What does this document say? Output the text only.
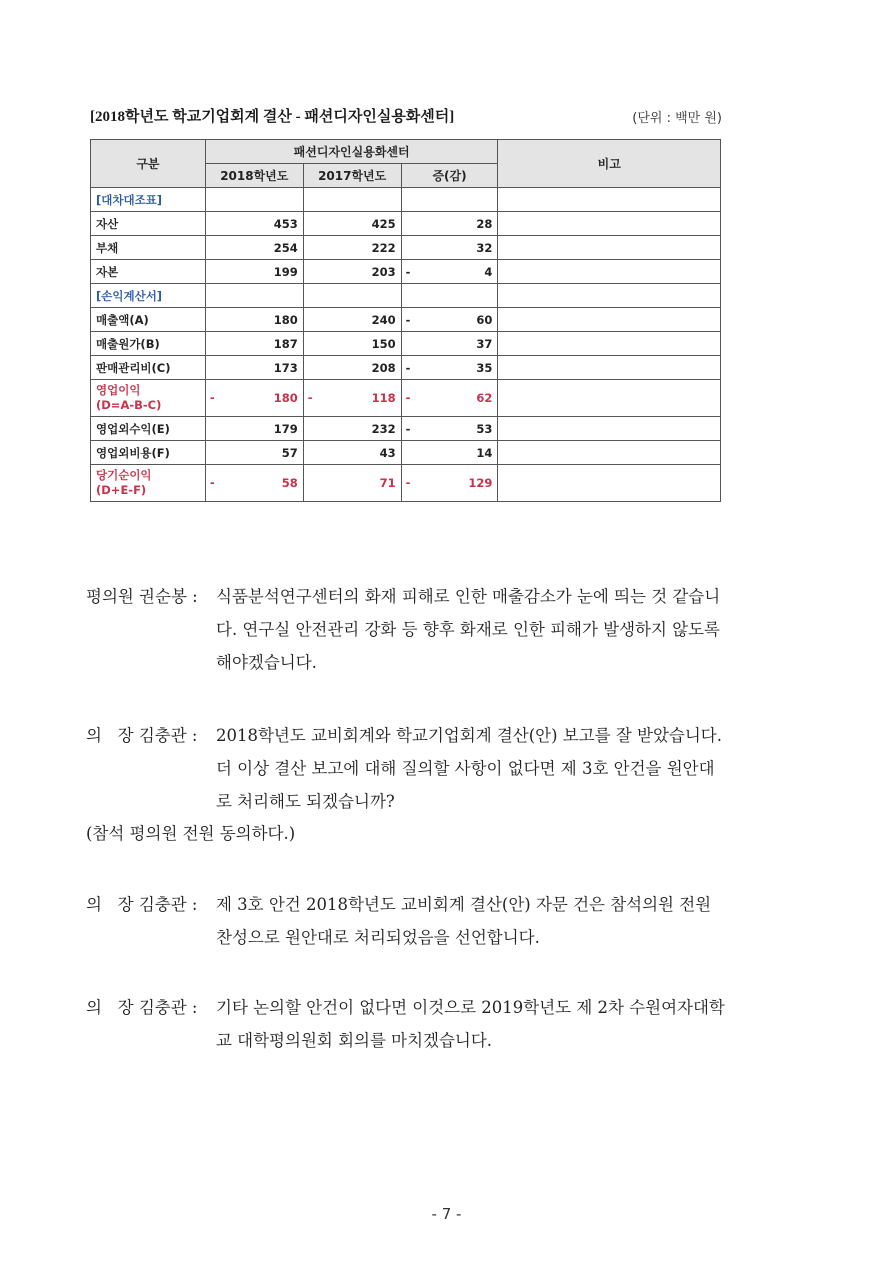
[2018학년도 학교기업회계 결산 - 패션디자인실용화센터]	(단위 : 백만 원)
구분	패션디자인실용화센터			비고
	2018학년도	2017학년도	증(감)	
[대차대조표]				
자산	453	425	28	
부채	254	222	32	
자본	199	203	- 4	
[손익계산서]				
매출액(A)	180	240	- 60	
매출원가(B)	187	150	37	
판매관리비(C)	173	208	- 35	
영업이익
(D=A-B-C)	- 180	- 118	- 62	
영업외수익(E)	179	232	- 53	
영업외비용(F)	57	43	14	
당기순이익
(D+E-F)	- 58	71	- 129	
평의원 권순봉 : 식품분석연구센터의 화재 피해로 인한 매출감소가 눈에 띄는 것 같습니
다. 연구실 안전관리 강화 등 향후 화재로 인한 피해가 발생하지 않도록
해야겠습니다.
의   장 김충관 : 2018학년도 교비회계와 학교기업회계 결산(안) 보고를 잘 받았습니다.
더 이상 결산 보고에 대해 질의할 사항이 없다면 제 3호 안건을 원안대
로 처리해도 되겠습니까?
(참석 평의원 전원 동의하다.)
의   장 김충관 : 제 3호 안건 2018학년도 교비회계 결산(안) 자문 건은 참석의원 전원
찬성으로 원안대로 처리되었음을 선언합니다.
의   장 김충관 : 기타 논의할 안건이 없다면 이것으로 2019학년도 제 2차 수원여자대학
교 대학평의원회 회의를 마치겠습니다.
- 7 -
